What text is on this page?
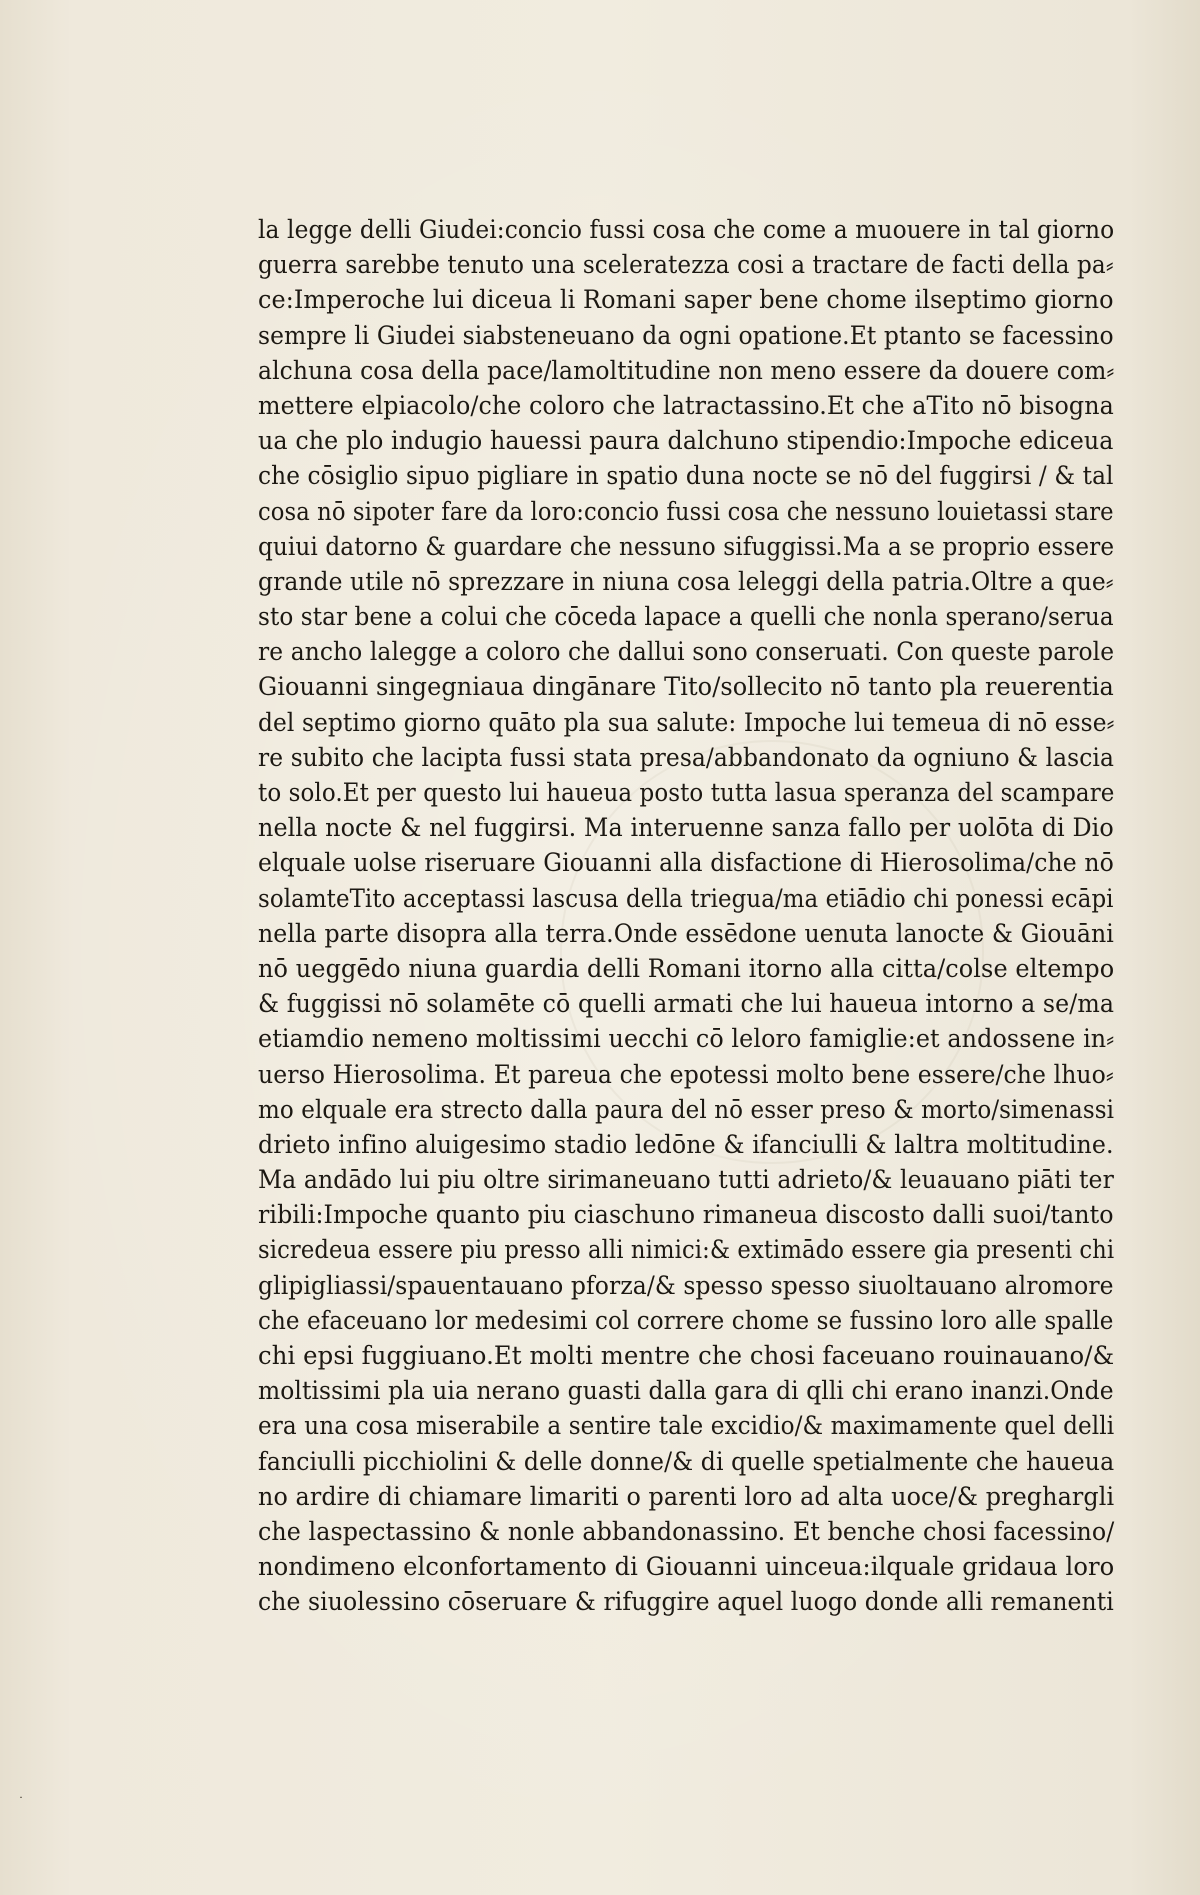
la legge delli Giudei:concio fussi cosa che come a muouere in tal giorno
guerra sarebbe tenuto una sceleratezza cosi a tractare de facti della pa⸗
ce:Imperoche lui diceua li Romani saper bene chome ilseptimo giorno
sempre li Giudei siabsteneuano da ogni opatione.Et ptanto se facessino
alchuna cosa della pace/lamoltitudine non meno essere da douere com⸗
mettere elpiacolo/che coloro che latractassino.Et che aTito nō bisogna
ua che plo indugio hauessi paura dalchuno stipendio:Impoche ediceua
che cōsiglio sipuo pigliare in spatio duna nocte se nō del fuggirsi / & tal
cosa nō sipoter fare da loro:concio fussi cosa che nessuno louietassi stare
quiui datorno & guardare che nessuno sifuggissi.Ma a se proprio essere
grande utile nō sprezzare in niuna cosa leleggi della patria.Oltre a que⸗
sto star bene a colui che cōceda lapace a quelli che nonla sperano/serua
re ancho lalegge a coloro che dallui sono conseruati. Con queste parole
Giouanni singegniaua dingānare Tito/sollecito nō tanto pla reuerentia
del septimo giorno quāto pla sua salute: Impoche lui temeua di nō esse⸗
re subito che lacipta fussi stata presa/abbandonato da ogniuno & lascia
to solo.Et per questo lui haueua posto tutta lasua speranza del scampare
nella nocte & nel fuggirsi. Ma interuenne sanza fallo per uolōta di Dio
elquale uolse riseruare Giouanni alla disfactione di Hierosolima/che nō
solamteTito acceptassi lascusa della triegua/ma etiādio chi ponessi ecāpi
nella parte disopra alla terra.Onde essēdone uenuta lanocte & Giouāni
nō ueggēdo niuna guardia delli Romani itorno alla citta/colse eltempo
& fuggissi nō solamēte cō quelli armati che lui haueua intorno a se/ma
etiamdio nemeno moltissimi uecchi cō leloro famiglie:et andossene in⸗
uerso Hierosolima. Et pareua che epotessi molto bene essere/che lhuo⸗
mo elquale era strecto dalla paura del nō esser preso & morto/simenassi
drieto infino aluigesimo stadio ledōne & ifanciulli & laltra moltitudine.
Ma andādo lui piu oltre sirimaneuano tutti adrieto/& leuauano piāti ter
ribili:Impoche quanto piu ciaschuno rimaneua discosto dalli suoi/tanto
sicredeua essere piu presso alli nimici:& extimādo essere gia presenti chi
glipigliassi/spauentauano pforza/& spesso spesso siuoltauano alromore
che efaceuano lor medesimi col correre chome se fussino loro alle spalle
chi epsi fuggiuano.Et molti mentre che chosi faceuano rouinauano/&
moltissimi pla uia nerano guasti dalla gara di qlli chi erano inanzi.Onde
era una cosa miserabile a sentire tale excidio/& maximamente quel delli
fanciulli picchiolini & delle donne/& di quelle spetialmente che haueua
no ardire di chiamare limariti o parenti loro ad alta uoce/& preghargli
che laspectassino & nonle abbandonassino. Et benche chosi facessino/
nondimeno elconfortamento di Giouanni uinceua:ilquale gridaua loro
che siuolessino cōseruare & rifuggire aquel luogo donde alli remanenti
˙
